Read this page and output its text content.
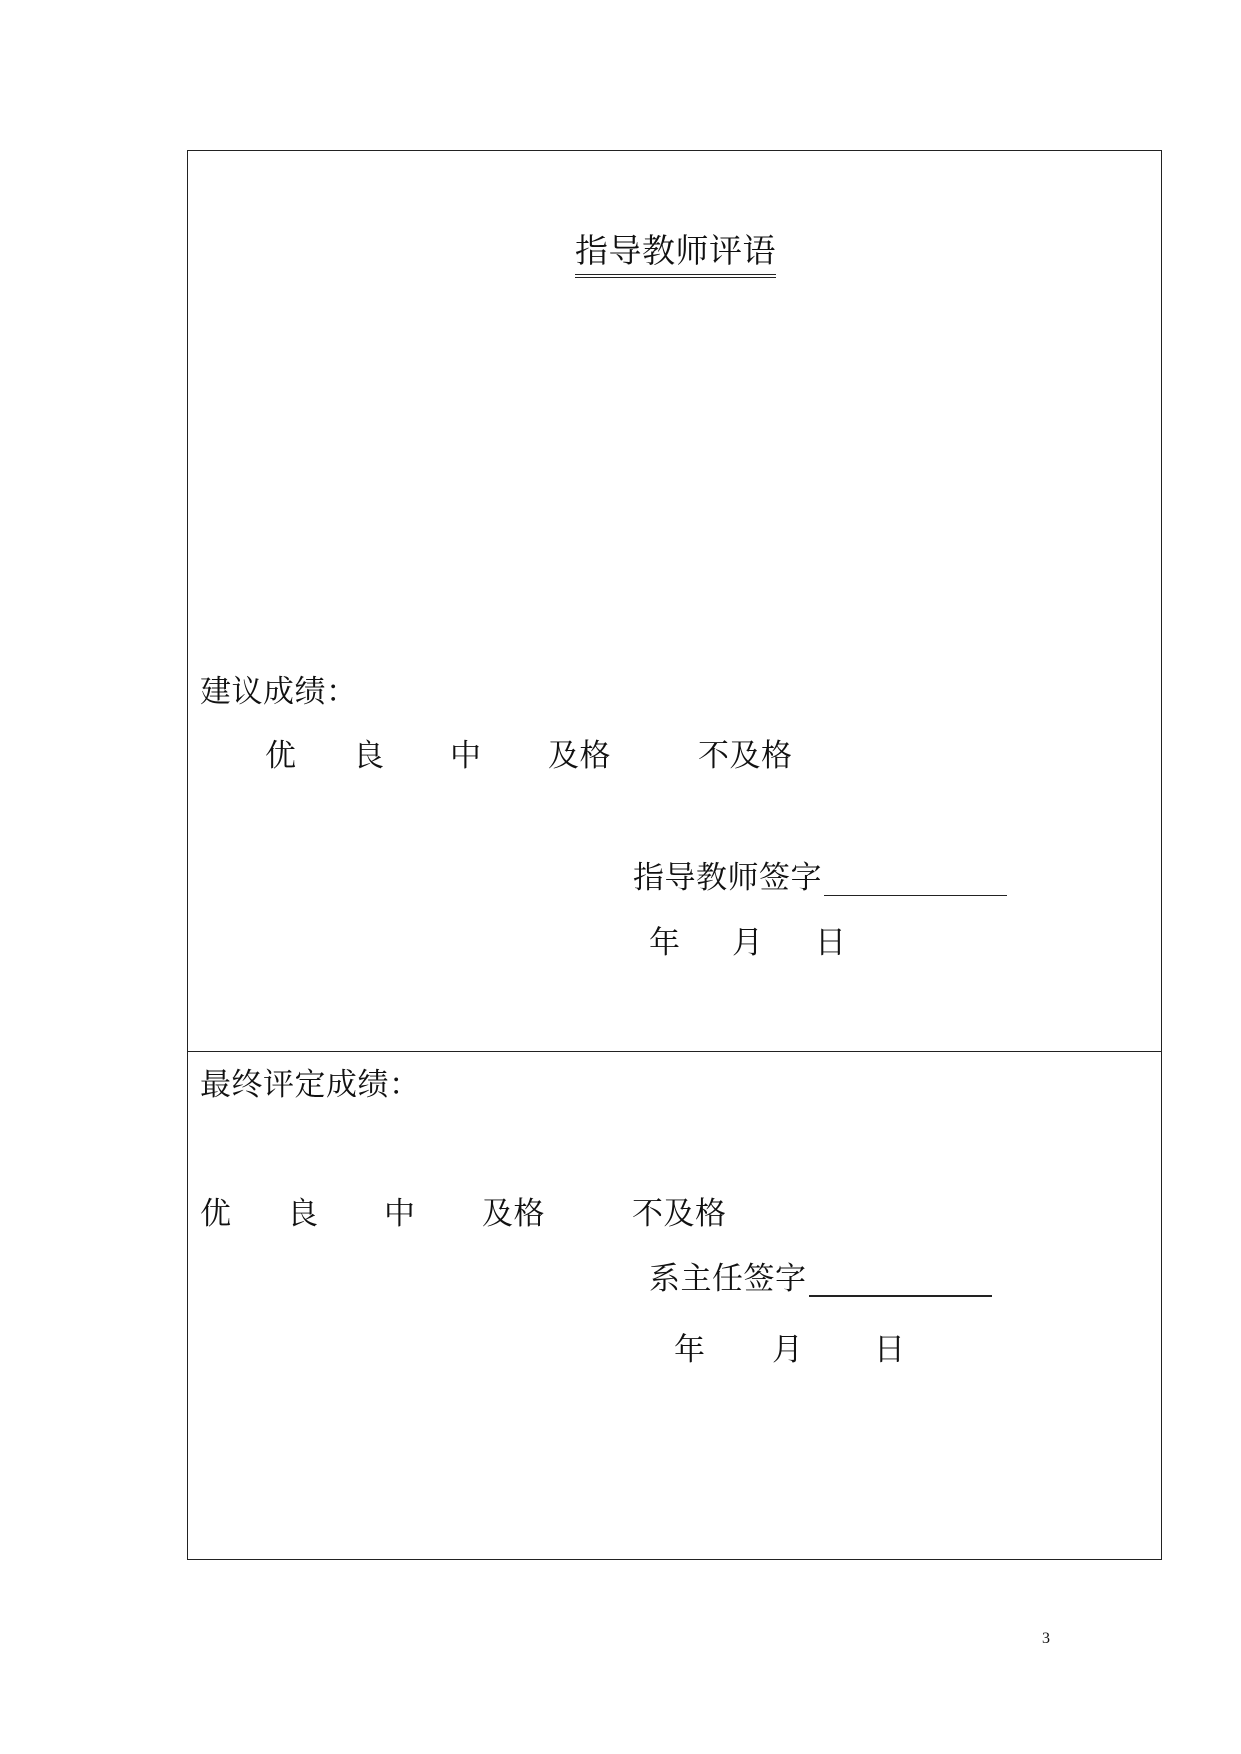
指导教师评语
建议成绩：
优 良 中 及格	不及格
指导教师签字
年 月 日
最终评定成绩：
优 良 中 及格	不及格
系主任签字
年 月 日
3
